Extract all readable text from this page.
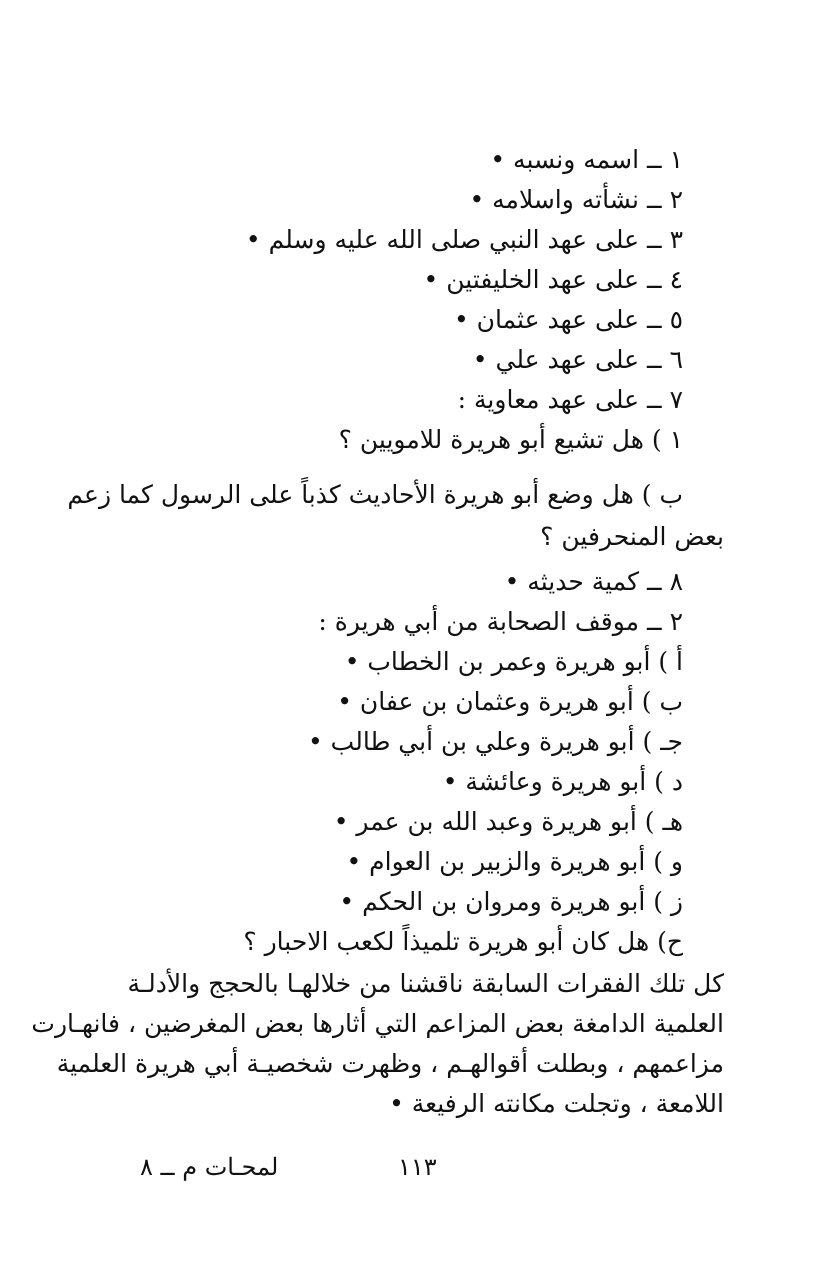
١ ــ اسمه ونسبه •
٢ ــ نشأته واسلامه •
٣ ــ على عهد النبي صلى الله عليه وسلم •
٤ ــ على عهد الخليفتين •
٥ ــ على عهد عثمان •
٦ ــ على عهد علي •
٧ ــ على عهد معاوية :
١ ) هل تشيع أبو هريرة للامويين ؟
ب ) هل وضع أبو هريرة الأحاديث كذباً على الرسول كما زعم
بعض المنحرفين ؟
٨ ــ كمية حديثه •
٢ ــ موقف الصحابة من أبي هريرة :
أ ) أبو هريرة وعمر بن الخطاب •
ب ) أبو هريرة وعثمان بن عفان •
جـ ) أبو هريرة وعلي بن أبي طالب •
د ) أبو هريرة وعائشة •
هـ ) أبو هريرة وعبد الله بن عمر •
و ) أبو هريرة والزبير بن العوام •
ز ) أبو هريرة ومروان بن الحكم •
ح) هل كان أبو هريرة تلميذاً لكعب الاحبار ؟
كل تلك الفقرات السابقة ناقشنا من خلالهـا بالحجج والأدلـة
العلمية الدامغة بعض المزاعم التي أثارها بعض المغرضين ، فانهـارت
مزاعمهم ، وبطلت أقوالهـم ، وظهرت شخصيـة أبي هريرة العلمية
اللامعة ، وتجلت مكانته الرفيعة •
١١٣
لمحـات م ــ ٨
